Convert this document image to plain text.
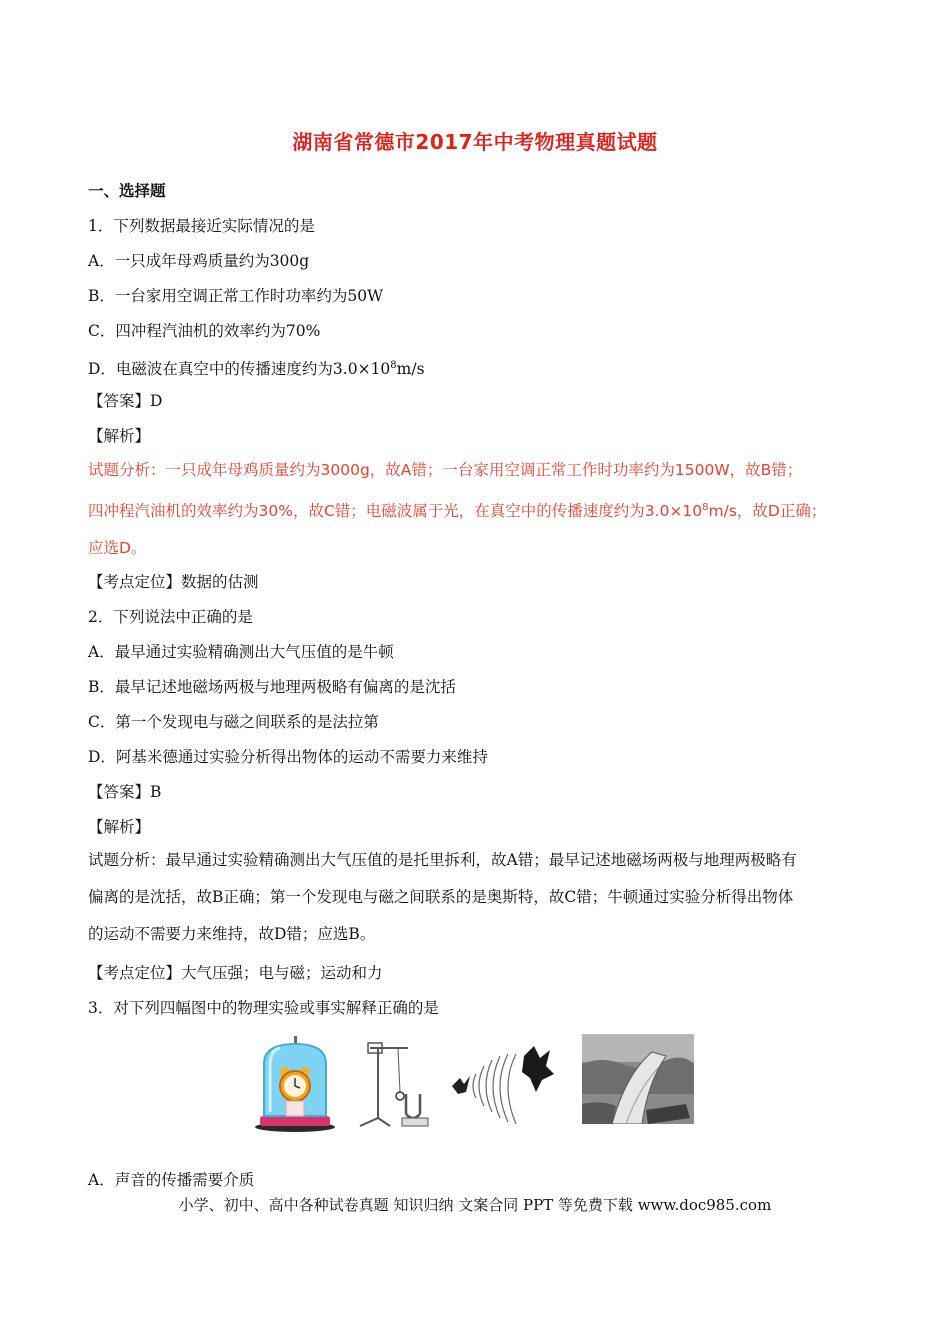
湖南省常德市2017年中考物理真题试题
一、选择题
1．下列数据最接近实际情况的是
A．一只成年母鸡质量约为300g
B．一台家用空调正常工作时功率约为50W
C．四冲程汽油机的效率约为70%
D．电磁波在真空中的传播速度约为$3.0\times 10^8m/s$
【答案】D
【解析】
试题分析：一只成年母鸡质量约为3000g，故A错；一台家用空调正常工作时功率约为1500W，故B错；
四冲程汽油机的效率约为30%，故C错；电磁波属于光，在真空中的传播速度约为$3.0\times 10^8m/s$，故D正确；
应选D。
【考点定位】数据的估测
2．下列说法中正确的是
A．最早通过实验精确测出大气压值的是牛顿
B．最早记述地磁场两极与地理两极略有偏离的是沈括
C．第一个发现电与磁之间联系的是法拉第
D．阿基米德通过实验分析得出物体的运动不需要力来维持
【答案】B
【解析】
试题分析：最早通过实验精确测出大气压值的是托里拆利，故A错；最早记述地磁场两极与地理两极略有
偏离的是沈括，故B正确；第一个发现电与磁之间联系的是奥斯特，故C错；牛顿通过实验分析得出物体
的运动不需要力来维持，故D错；应选B。
【考点定位】大气压强；电与磁；运动和力
3．对下列四幅图中的物理实验或事实解释正确的是
A．声音的传播需要介质
小学、初中、高中各种试卷真题 知识归纳 文案合同 PPT 等免费下载 www.doc985.com
